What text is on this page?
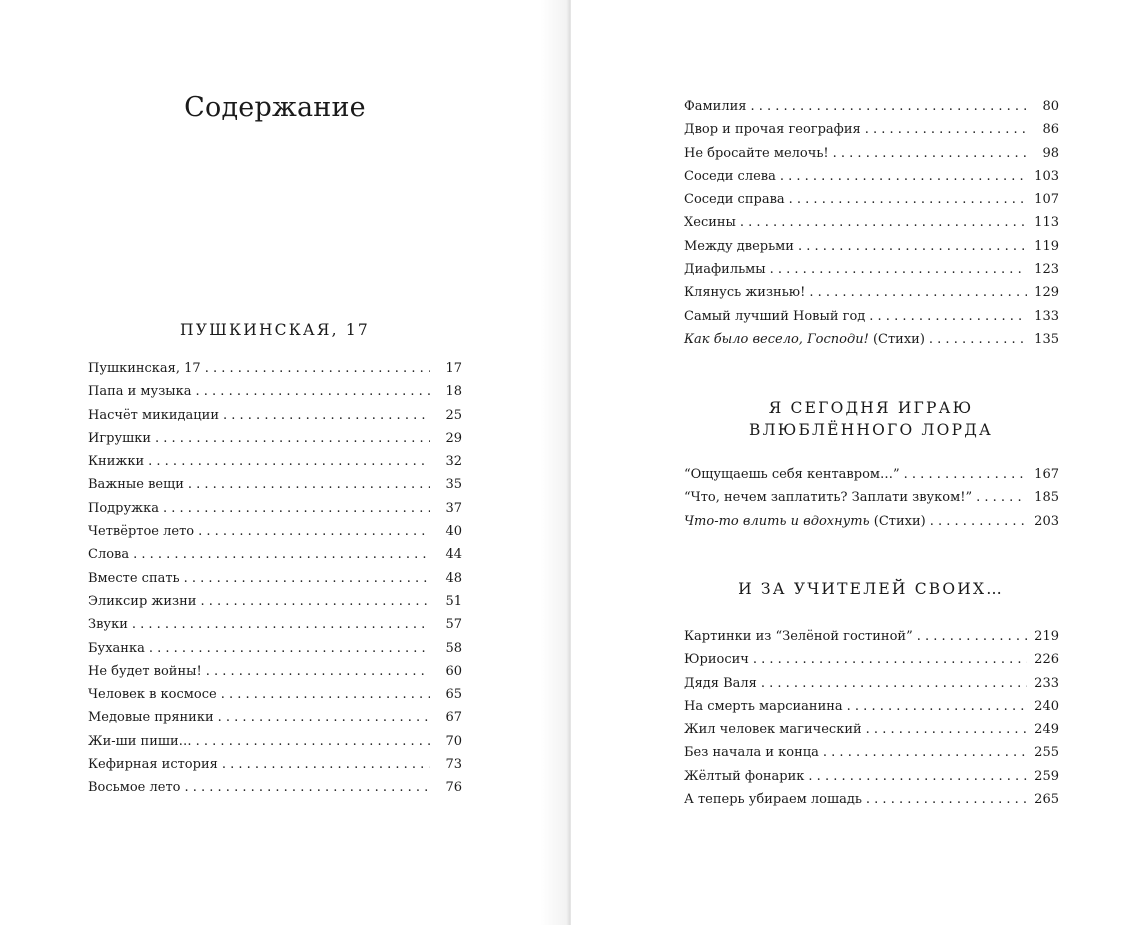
Содержание
ПУШКИНСКАЯ, 17
Пушкинская, 17 . . .	17
Папа и музыка . . .	18
Насчёт микидации . . .	25
Игрушки . . .	29
Книжки . . .	32
Важные вещи . . .	35
Подружка . . .	37
Четвёртое лето . . .	40
Слова . . .	44
Вместе спать . . .	48
Эликсир жизни . . .	51
Звуки . . .	57
Буханка . . .	58
Не будет войны! . . .	60
Человек в космосе . . .	65
Медовые пряники . . .	67
Жи-ши пиши… . . .	70
Кефирная история . . .	73
Восьмое лето . . .	76
Фамилия . . .	80
Двор и прочая география . . .	86
Не бросайте мелочь! . . .	98
Соседи слева . . .	103
Соседи справа . . .	107
Хесины . . .	113
Между дверьми . . .	119
Диафильмы . . .	123
Клянусь жизнью! . . .	129
Самый лучший Новый год . . .	133
Как было весело, Господи! (Стихи) . . .	135
Я СЕГОДНЯ ИГРАЮ
ВЛЮБЛЁННОГО ЛОРДА
“Ощущаешь себя кентавром…” . . .	167
“Что, нечем заплатить? Заплати звуком!” . . .	185
Что-то влить и вдохнуть (Стихи) . . .	203
И ЗА УЧИТЕЛЕЙ СВОИХ…
Картинки из “Зелёной гостиной” . . .	219
Юриосич . . .	226
Дядя Валя . . .	233
На смерть марсианина . . .	240
Жил человек магический . . .	249
Без начала и конца . . .	255
Жёлтый фонарик . . .	259
А теперь убираем лошадь . . .	265
